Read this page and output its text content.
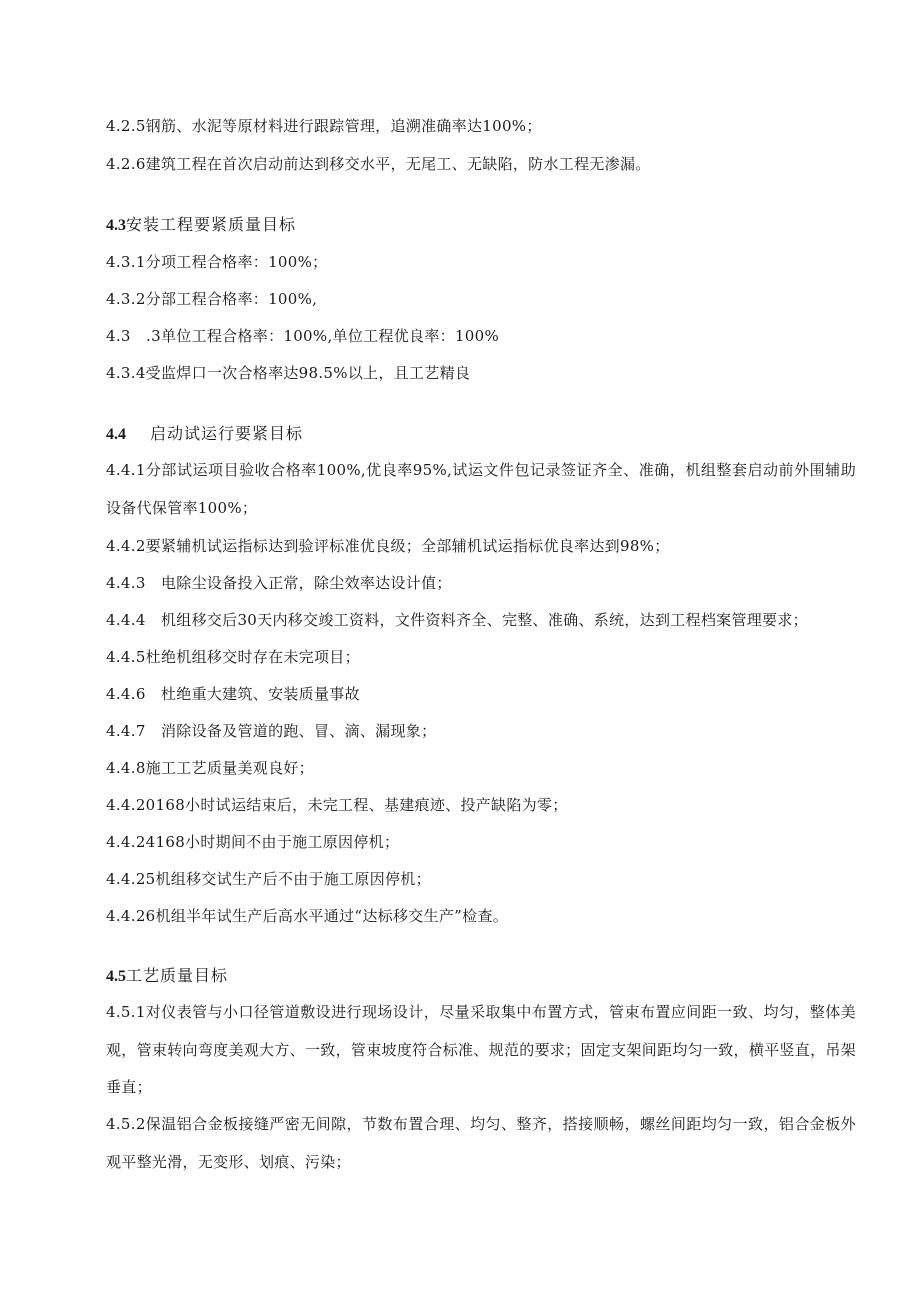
4.2.5钢筋、水泥等原材料进行跟踪管理，追溯准确率达100%；
4.2.6建筑工程在首次启动前达到移交水平，无尾工、无缺陷，防水工程无渗漏。
4.3安装工程要紧质量目标
4.3.1分项工程合格率：100%；
4.3.2分部工程合格率：100%,
4.3　.3单位工程合格率：100%,单位工程优良率：100%
4.3.4受监焊口一次合格率达98.5%以上，且工艺精良
4.4 启动试运行要紧目标
4.4.1分部试运项目验收合格率100%,优良率95%,试运文件包记录签证齐全、准确，机组整套启动前外围辅助设备代保管率100%；
4.4.2要紧辅机试运指标达到验评标准优良级；全部辅机试运指标优良率达到98%；
4.4.3　电除尘设备投入正常，除尘效率达设计值；
4.4.4　机组移交后30天内移交竣工资料，文件资料齐全、完整、准确、系统，达到工程档案管理要求；
4.4.5杜绝机组移交时存在未完项目；
4.4.6　杜绝重大建筑、安装质量事故
4.4.7　消除设备及管道的跑、冒、滴、漏现象；
4.4.8施工工艺质量美观良好；
4.4.20168小时试运结束后，未完工程、基建痕迹、投产缺陷为零；
4.4.24168小时期间不由于施工原因停机；
4.4.25机组移交试生产后不由于施工原因停机；
4.4.26机组半年试生产后高水平通过“达标移交生产”检查。
4.5工艺质量目标
4.5.1对仪表管与小口径管道敷设进行现场设计，尽量采取集中布置方式，管束布置应间距一致、均匀，整体美观，管束转向弯度美观大方、一致，管束坡度符合标准、规范的要求；固定支架间距均匀一致，横平竖直，吊架垂直；
4.5.2保温铝合金板接缝严密无间隙，节数布置合理、均匀、整齐，搭接顺畅，螺丝间距均匀一致，铝合金板外观平整光滑，无变形、划痕、污染；
